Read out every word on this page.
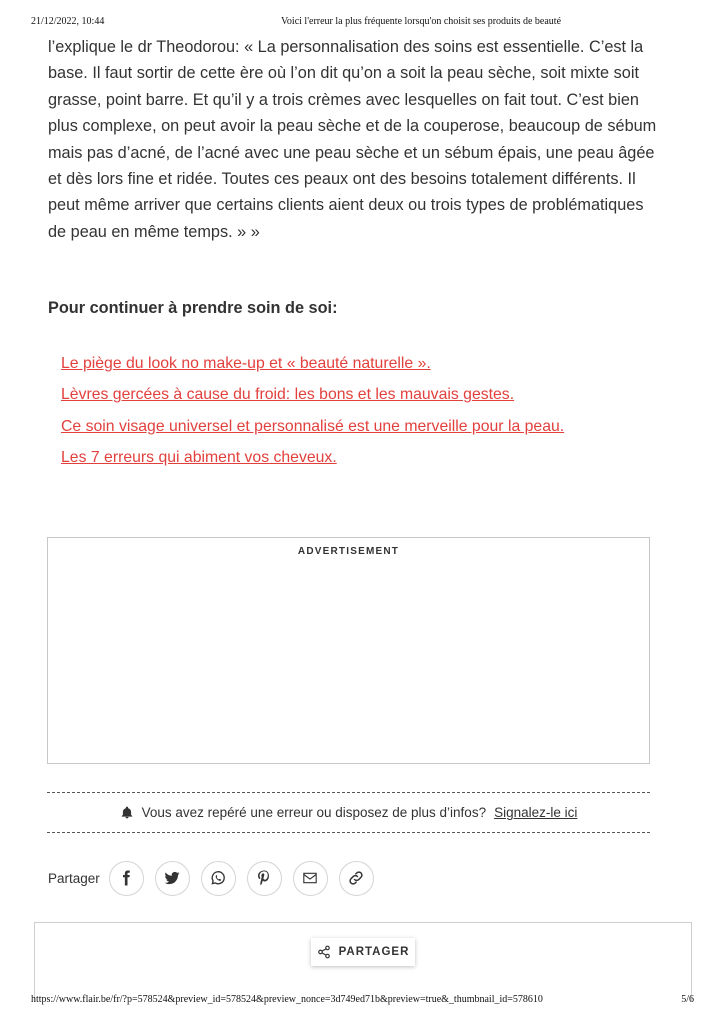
21/12/2022, 10:44	Voici l'erreur la plus fréquente lorsqu'on choisit ses produits de beauté

l’explique le dr Theodorou: « La personnalisation des soins est essentielle. C’est la base. Il faut sortir de cette ère où l’on dit qu’on a soit la peau sèche, soit mixte soit grasse, point barre. Et qu’il y a trois crèmes avec lesquelles on fait tout. C’est bien plus complexe, on peut avoir la peau sèche et de la couperose, beaucoup de sébum mais pas d’acné, de l’acné avec une peau sèche et un sébum épais, une peau âgée et dès lors fine et ridée. Toutes ces peaux ont des besoins totalement différents. Il peut même arriver que certains clients aient deux ou trois types de problématiques de peau en même temps. » »

Pour continuer à prendre soin de soi:
Le piège du look no make-up et « beauté naturelle ».
Lèvres gercées à cause du froid: les bons et les mauvais gestes.
Ce soin visage universel et personnalisé est une merveille pour la peau.
Les 7 erreurs qui abiment vos cheveux.
ADVERTISEMENT
Vous avez repéré une erreur ou disposez de plus d’infos? Signalez-le ici
Partager
PARTAGER
https://www.flair.be/fr/?p=578524&preview_id=578524&preview_nonce=3d749ed71b&preview=true&_thumbnail_id=578610	5/6
